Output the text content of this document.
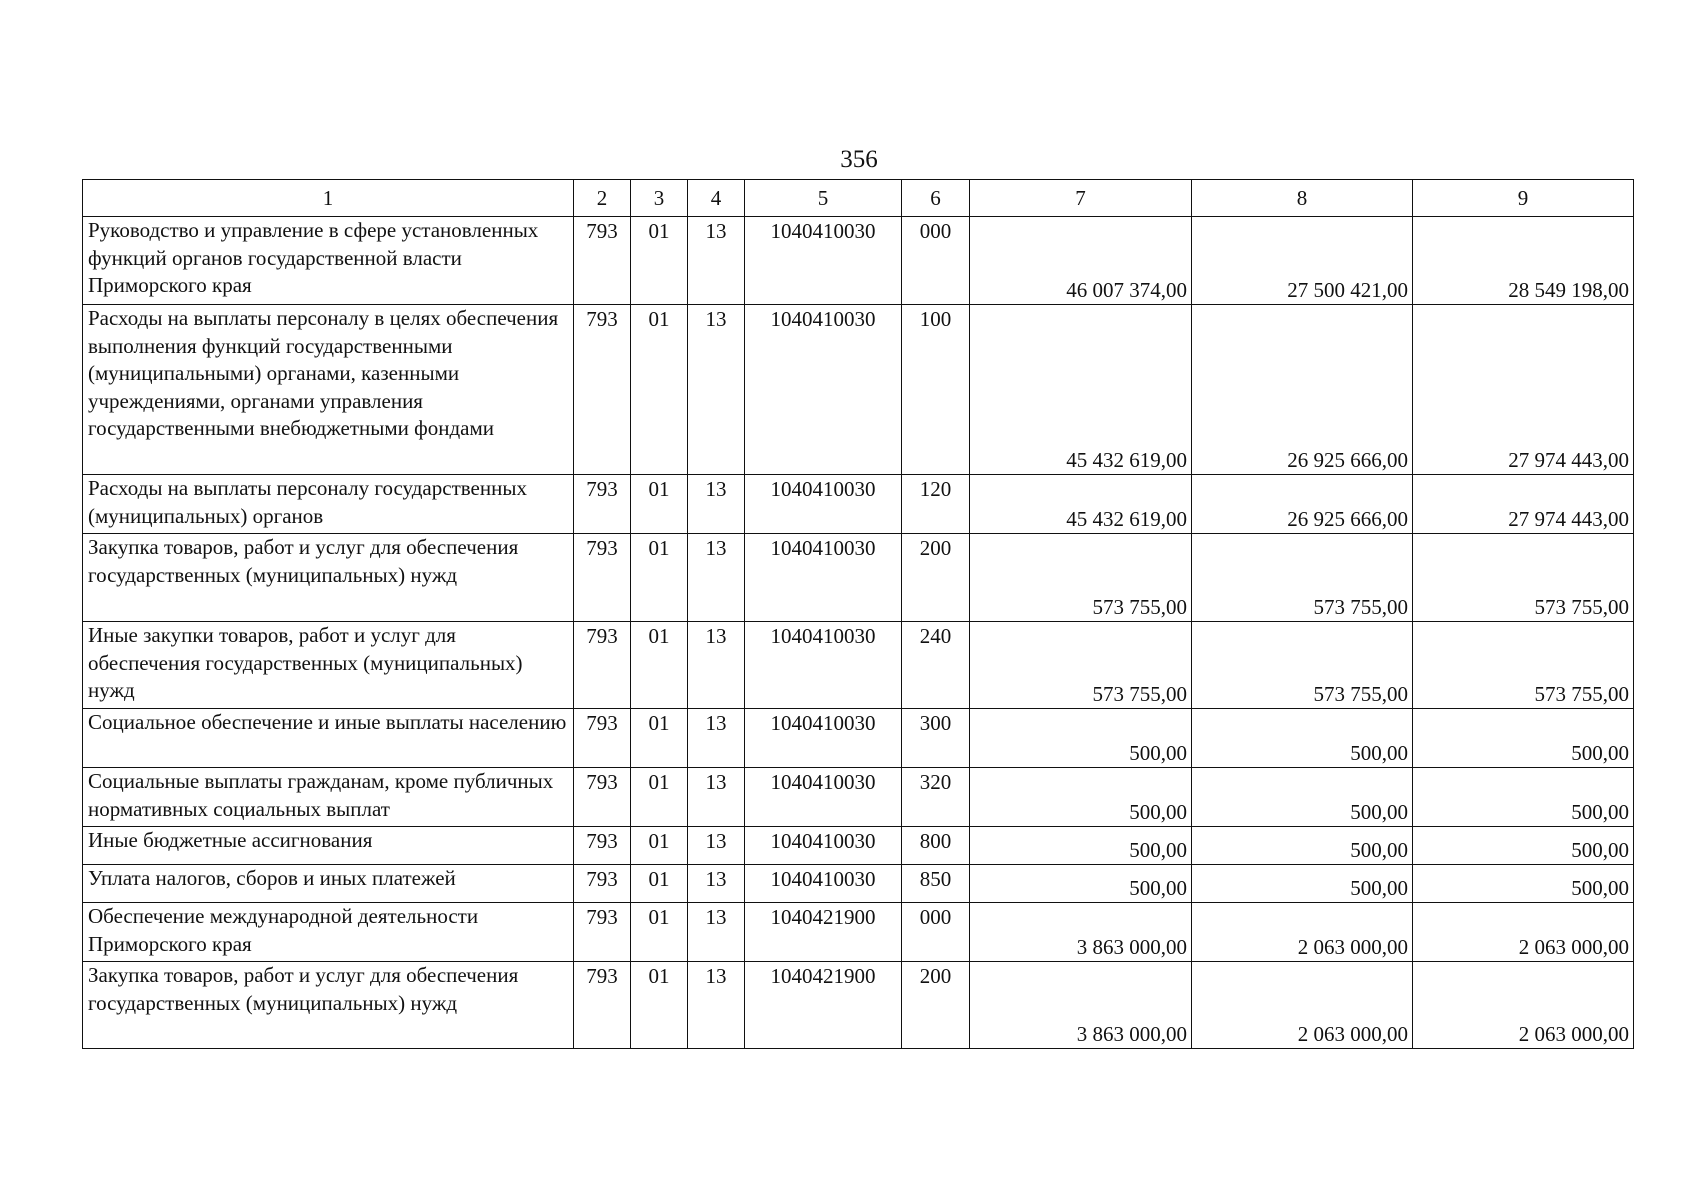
356
1	2	3	4	5	6	7	8	9
Руководство и управление в сфере установленных функций органов государственной власти Приморского края	793	01	13	1040410030	000	46 007 374,00	27 500 421,00	28 549 198,00
Расходы на выплаты персоналу в целях обеспечения выполнения функций государственными (муниципальными) органами, казенными учреждениями, органами управления государственными внебюджетными фондами	793	01	13	1040410030	100	45 432 619,00	26 925 666,00	27 974 443,00
Расходы на выплаты персоналу государственных (муниципальных) органов	793	01	13	1040410030	120	45 432 619,00	26 925 666,00	27 974 443,00
Закупка товаров, работ и услуг для обеспечения государственных (муниципальных) нужд	793	01	13	1040410030	200	573 755,00	573 755,00	573 755,00
Иные закупки товаров, работ и услуг для обеспечения государственных (муниципальных) нужд	793	01	13	1040410030	240	573 755,00	573 755,00	573 755,00
Социальное обеспечение и иные выплаты населению	793	01	13	1040410030	300	500,00	500,00	500,00
Социальные выплаты гражданам, кроме публичных нормативных социальных выплат	793	01	13	1040410030	320	500,00	500,00	500,00
Иные бюджетные ассигнования	793	01	13	1040410030	800	500,00	500,00	500,00
Уплата налогов, сборов и иных платежей	793	01	13	1040410030	850	500,00	500,00	500,00
Обеспечение международной деятельности Приморского края	793	01	13	1040421900	000	3 863 000,00	2 063 000,00	2 063 000,00
Закупка товаров, работ и услуг для обеспечения государственных (муниципальных) нужд	793	01	13	1040421900	200	3 863 000,00	2 063 000,00	2 063 000,00
